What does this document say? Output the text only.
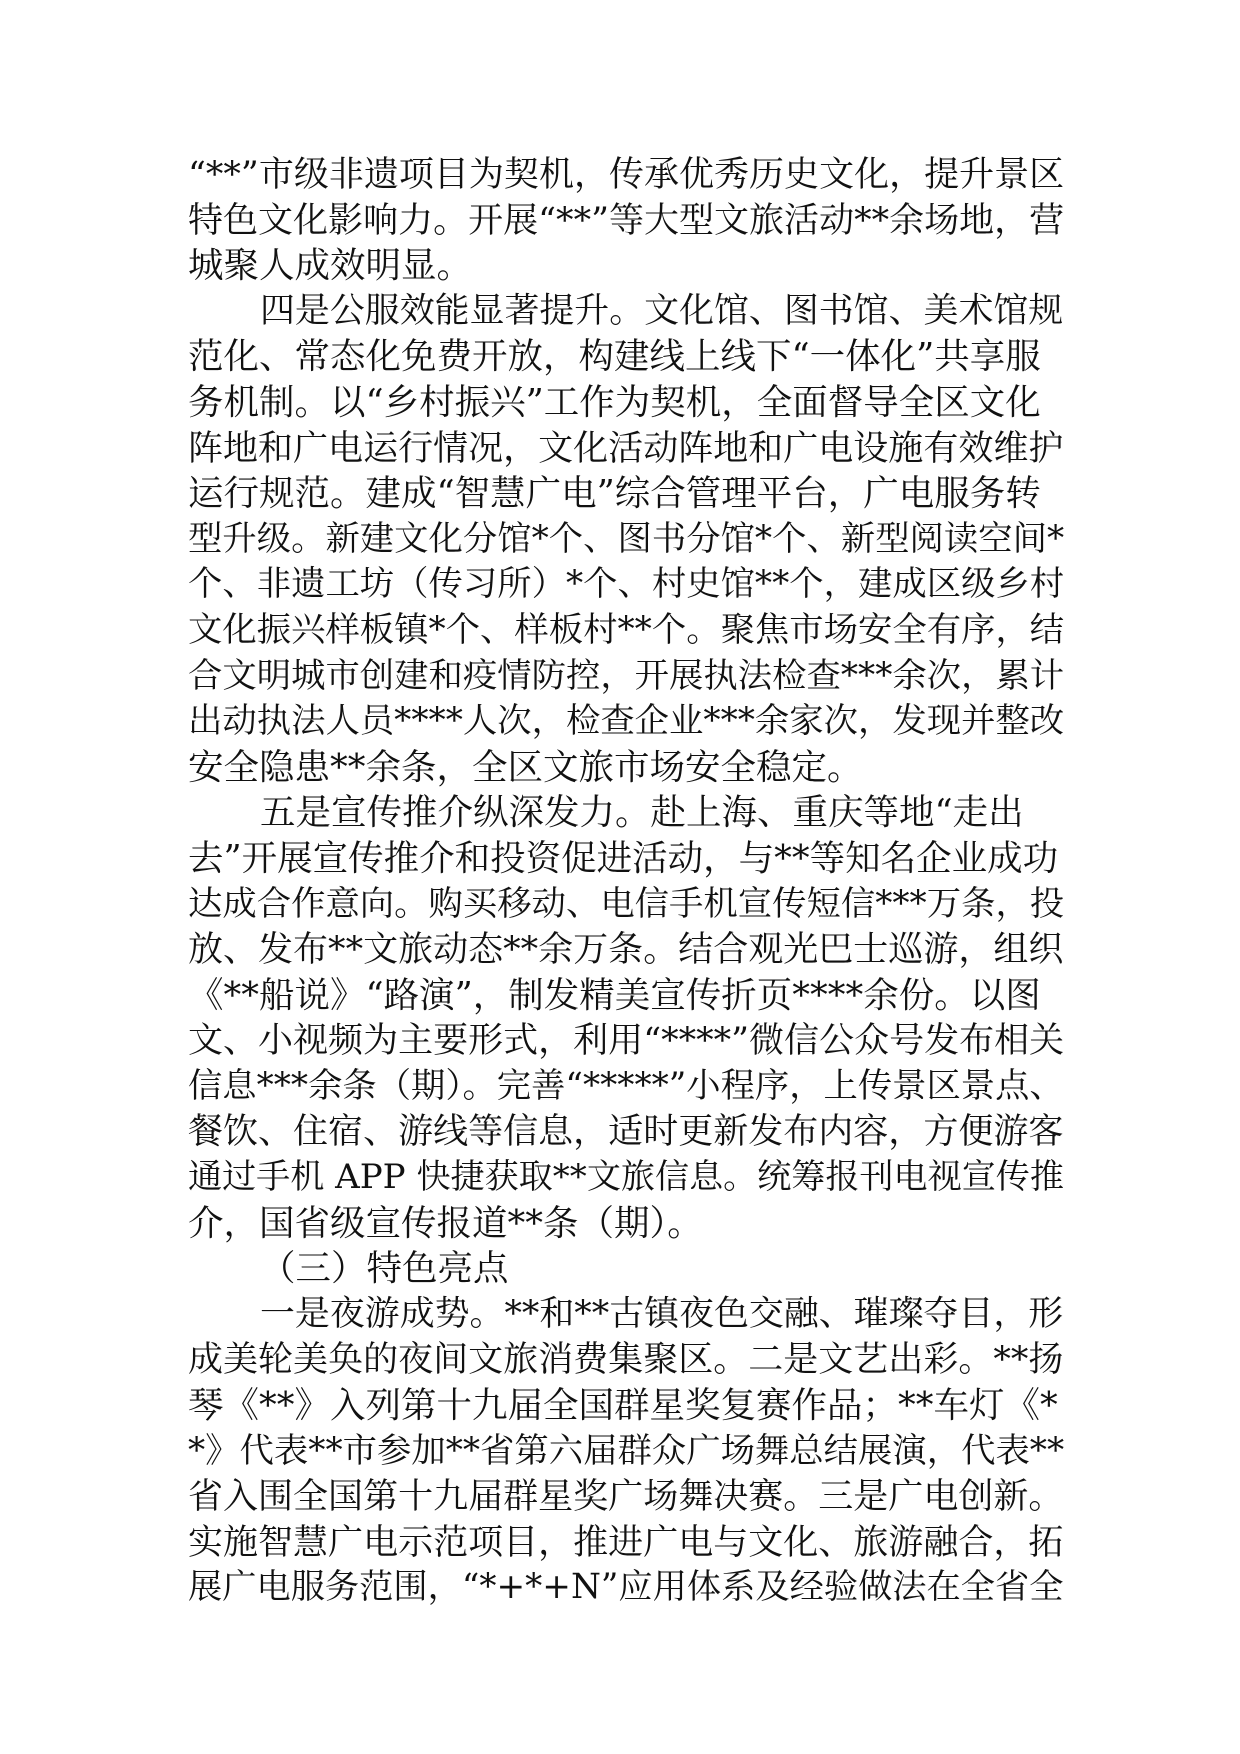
“**”市级非遗项目为契机，传承优秀历史文化，提升景区
特色文化影响力。开展“**”等大型文旅活动**余场地，营
城聚人成效明显。
四是公服效能显著提升。文化馆、图书馆、美术馆规
范化、常态化免费开放，构建线上线下“一体化”共享服
务机制。以“乡村振兴”工作为契机，全面督导全区文化
阵地和广电运行情况，文化活动阵地和广电设施有效维护
运行规范。建成“智慧广电”综合管理平台，广电服务转
型升级。新建文化分馆*个、图书分馆*个、新型阅读空间*
个、非遗工坊（传习所）*个、村史馆**个，建成区级乡村
文化振兴样板镇*个、样板村**个。聚焦市场安全有序，结
合文明城市创建和疫情防控，开展执法检查***余次，累计
出动执法人员****人次，检查企业***余家次，发现并整改
安全隐患**余条，全区文旅市场安全稳定。
五是宣传推介纵深发力。赴上海、重庆等地“走出
去”开展宣传推介和投资促进活动，与**等知名企业成功
达成合作意向。购买移动、电信手机宣传短信***万条，投
放、发布**文旅动态**余万条。结合观光巴士巡游，组织
《**船说》“路演”，制发精美宣传折页****余份。以图
文、小视频为主要形式，利用“****”微信公众号发布相关
信息***余条（期）。完善“*****”小程序，上传景区景点、
餐饮、住宿、游线等信息，适时更新发布内容，方便游客
通过手机 APP 快捷获取**文旅信息。统筹报刊电视宣传推
介，国省级宣传报道**条（期）。
（三）特色亮点
一是夜游成势。**和**古镇夜色交融、璀璨夺目，形
成美轮美奂的夜间文旅消费集聚区。二是文艺出彩。**扬
琴《**》入列第十九届全国群星奖复赛作品；**车灯《*
*》代表**市参加**省第六届群众广场舞总结展演，代表**
省入围全国第十九届群星奖广场舞决赛。三是广电创新。
实施智慧广电示范项目，推进广电与文化、旅游融合，拓
展广电服务范围，“*+*+N”应用体系及经验做法在全省全
